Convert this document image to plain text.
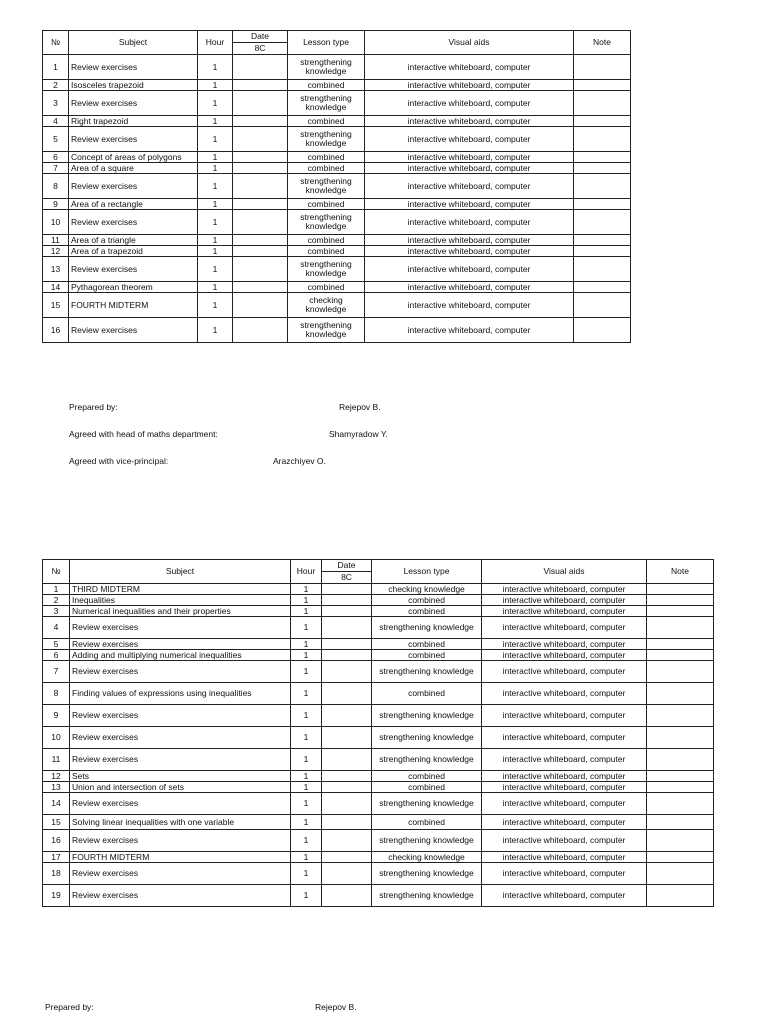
№	Subject	Hour	Date	Lesson type	Visual aids	Note
			8C			
1	Review exercises	1		strengthening knowledge	interactive whiteboard, computer	
2	Isosceles trapezoid	1		combined	interactive whiteboard, computer	
3	Review exercises	1		strengthening knowledge	interactive whiteboard, computer	
4	Right trapezoid	1		combined	interactive whiteboard, computer	
5	Review exercises	1		strengthening knowledge	interactive whiteboard, computer	
6	Concept of areas of polygons	1		combined	interactive whiteboard, computer	
7	Area of a square	1		combined	interactive whiteboard, computer	
8	Review exercises	1		strengthening knowledge	interactive whiteboard, computer	
9	Area of a rectangle	1		combined	interactive whiteboard, computer	
10	Review exercises	1		strengthening knowledge	interactive whiteboard, computer	
11	Area of a triangle	1		combined	interactive whiteboard, computer	
12	Area of a trapezoid	1		combined	interactive whiteboard, computer	
13	Review exercises	1		strengthening knowledge	interactive whiteboard, computer	
14	Pythagorean theorem	1		combined	interactive whiteboard, computer	
15	FOURTH MIDTERM	1		checking knowledge	interactive whiteboard, computer	
16	Review exercises	1		strengthening knowledge	interactive whiteboard, computer	
Prepared by:	Rejepov B.
Agreed with head of maths department:	Shamyradow Y.
Agreed with vice-principal:	Arazchiyev O.
№	Subject	Hour	Date	Lesson type	Visual aids	Note
			8C			
1	THIRD MIDTERM	1		checking knowledge	interactive whiteboard, computer	
2	Inequalities	1		combined	interactive whiteboard, computer	
3	Numerical inequalities and their properties	1		combined	interactive whiteboard, computer	
4	Review exercises	1		strengthening knowledge	interactive whiteboard, computer	
5	Review exercises	1		combined	interactive whiteboard, computer	
6	Adding and multiplying numerical inequalities	1		combined	interactive whiteboard, computer	
7	Review exercises	1		strengthening knowledge	interactive whiteboard, computer	
8	Finding values of expressions using inequalities	1		combined	interactive whiteboard, computer	
9	Review exercises	1		strengthening knowledge	interactive whiteboard, computer	
10	Review exercises	1		strengthening knowledge	interactive whiteboard, computer	
11	Review exercises	1		strengthening knowledge	interactive whiteboard, computer	
12	Sets	1		combined	interactive whiteboard, computer	
13	Union and intersection of sets	1		combined	interactive whiteboard, computer	
14	Review exercises	1		strengthening knowledge	interactive whiteboard, computer	
15	Solving linear inequalities with one variable	1		combined	interactive whiteboard, computer	
16	Review exercises	1		strengthening knowledge	interactive whiteboard, computer	
17	FOURTH MIDTERM	1		checking knowledge	interactive whiteboard, computer	
18	Review exercises	1		strengthening knowledge	interactive whiteboard, computer	
19	Review exercises	1		strengthening knowledge	interactive whiteboard, computer	
Prepared by:	Rejepov B.
